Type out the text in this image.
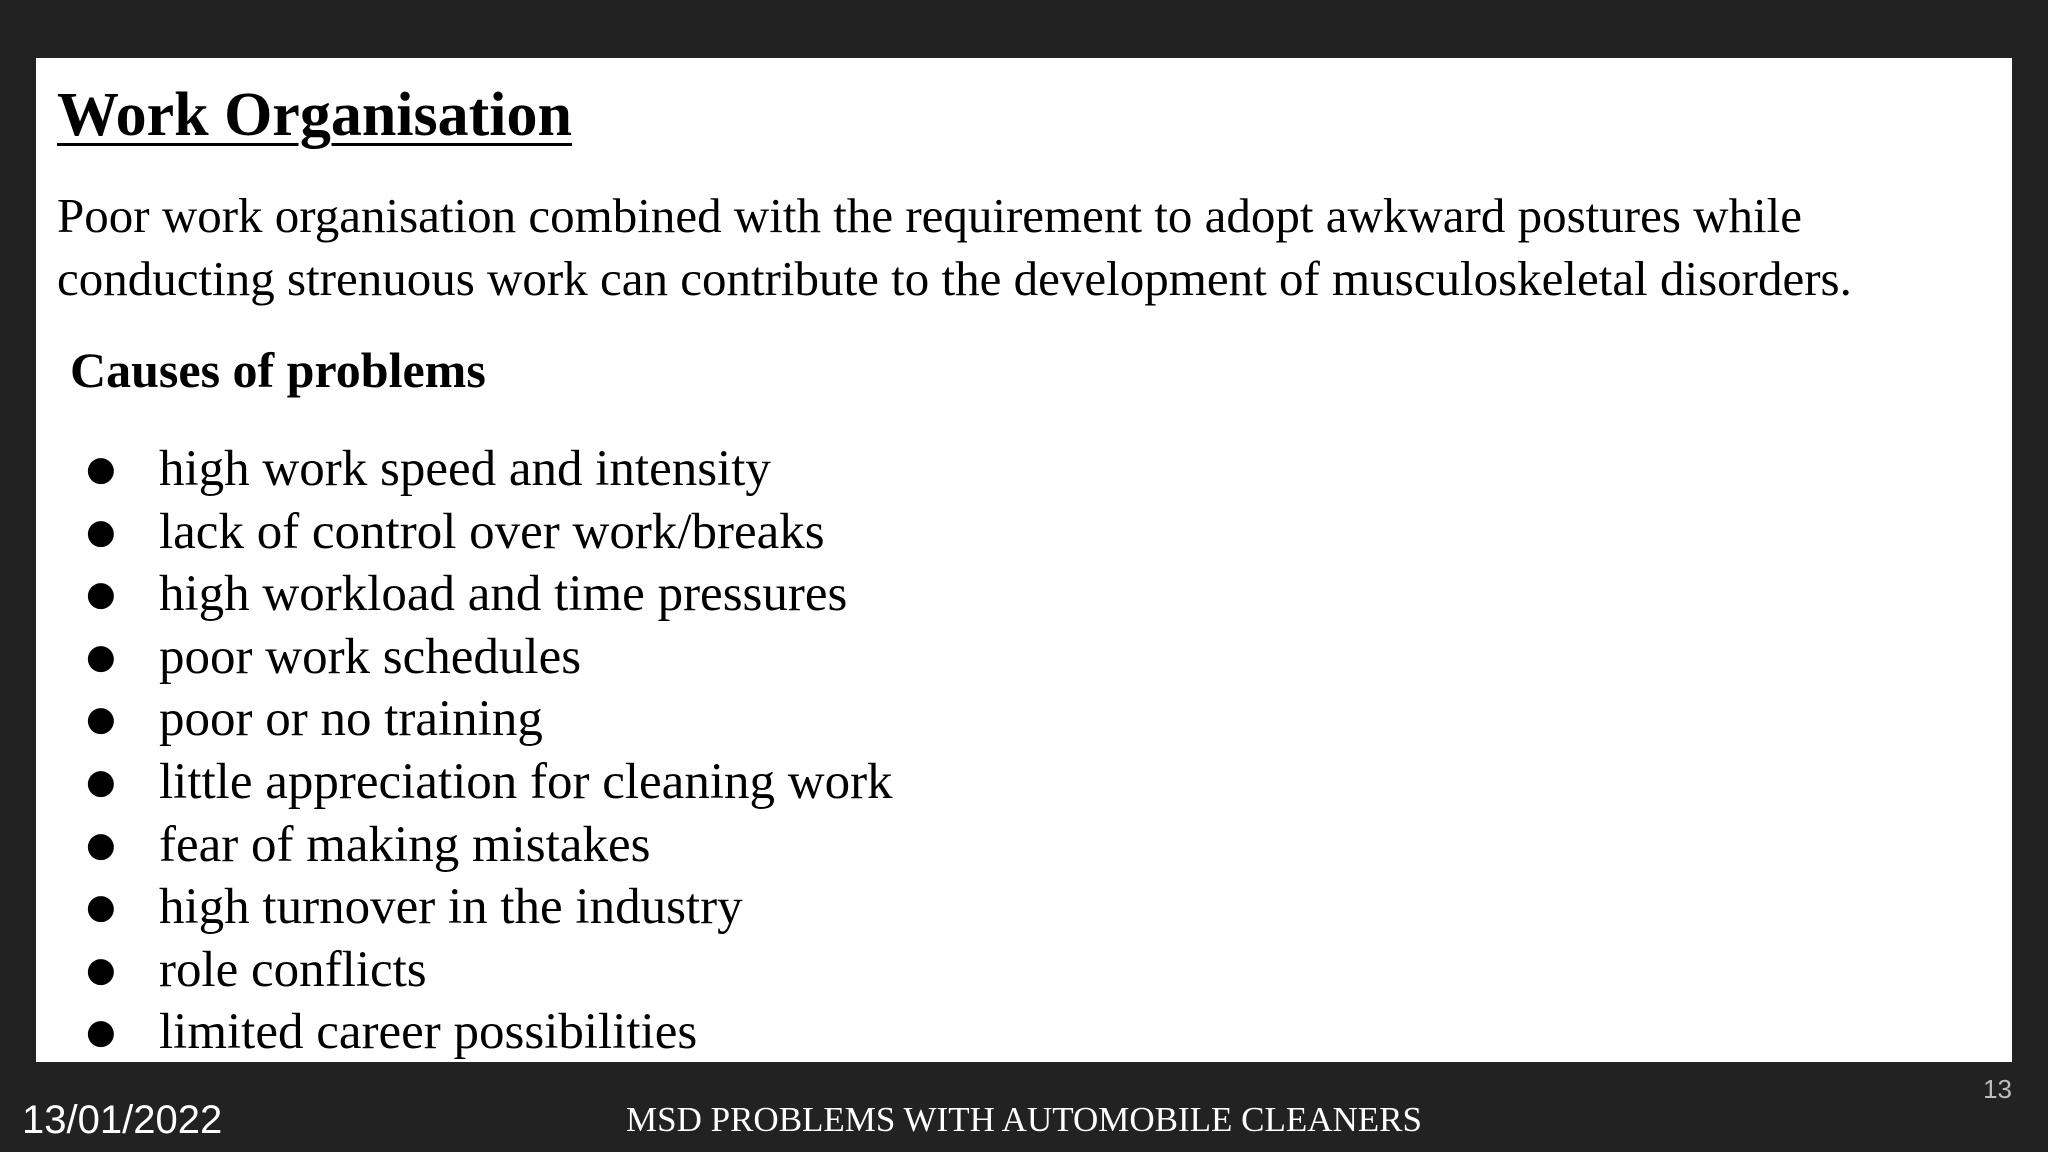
Work Organisation

Poor work organisation combined with the requirement to adopt awkward postures while conducting strenuous work can contribute to the development of musculoskeletal disorders.

Causes of problems
● high work speed and intensity
● lack of control over work/breaks
● high workload and time pressures
● poor work schedules
● poor or no training
● little appreciation for cleaning work
● fear of making mistakes
● high turnover in the industry
● role conflicts
● limited career possibilities
13
13/01/2022	MSD PROBLEMS WITH AUTOMOBILE CLEANERS
